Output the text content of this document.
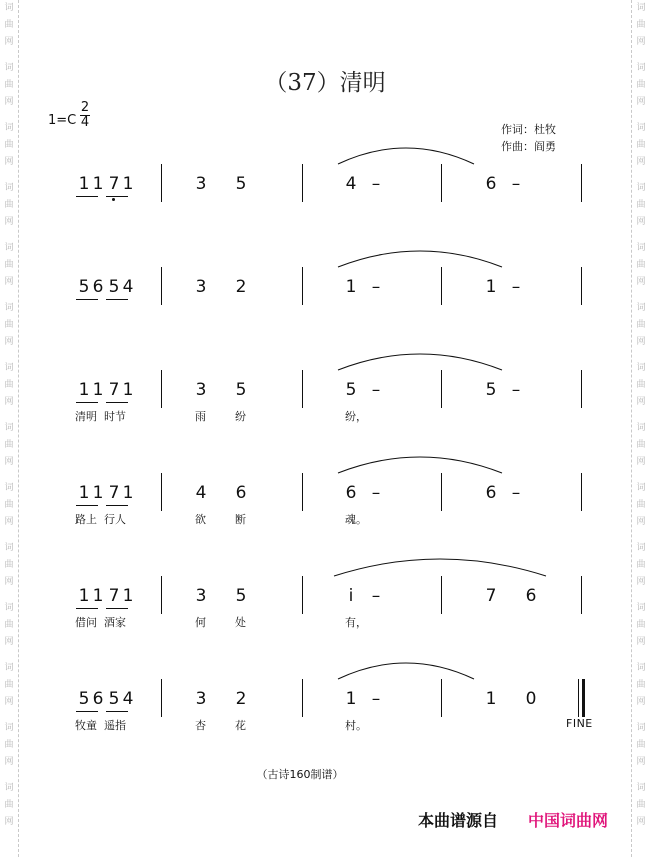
词
曲
网
词
曲
网
词
曲
网
词
曲
网
词
曲
网
词
曲
网
词
曲
网
词
曲
网
词
曲
网
词
曲
网
词
曲
网
词
曲
网
词
曲
网
词
曲
网
词
曲
网
词
曲
网
词
曲
网
词
曲
网
词
曲
网
词
曲
网
词
曲
网
词
曲
网
词
曲
网
词
曲
网
词
曲
网
词
曲
网
词
曲
网
词
曲
网
（37）清明
$1=C \frac{2}{4}$	作词：杜牧
作曲：阎勇
1 1 7 1	3 5	4 –	6 –
5 6 5 4	3 2	1 –	1 –
1 1 7 1	3 5	5 –	5 –
清明 时节	雨	纷	纷，
1 1 7 1	4 6	6 –	6 –
路上 行人	欲	断	魂。
1 1 7 1	3 5	i	–	7 6
借问 酒家	何	处	有，
5 6 5 4	3 2	1 –	1 0
牧童 遥指	杏	花	村。	FINE
（古诗160制谱）
本曲谱源自 中国词曲网
